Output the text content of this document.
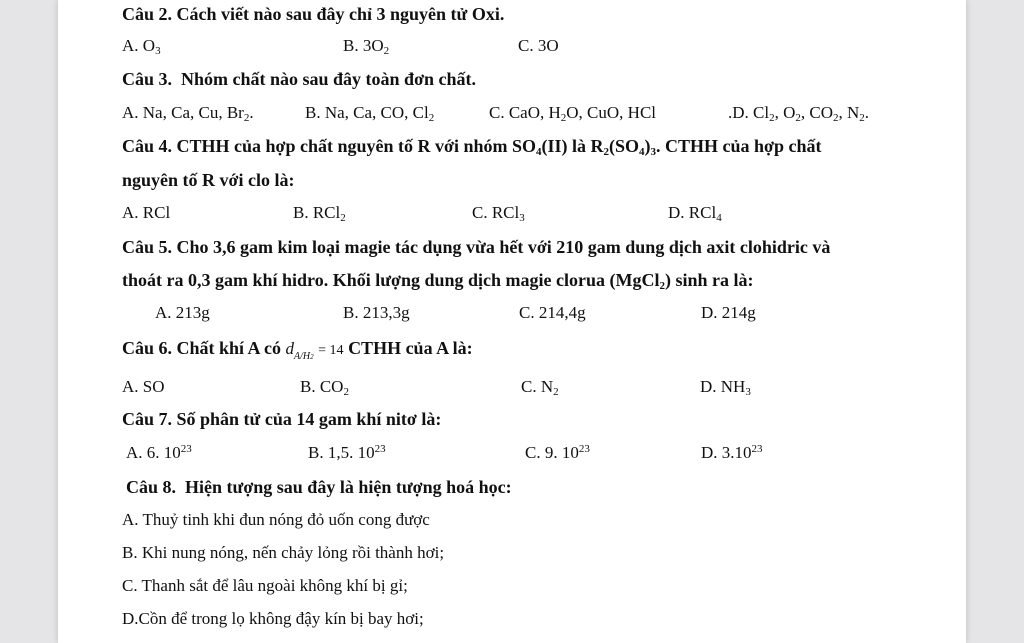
Câu 2. Cách viết nào sau đây chỉ 3 nguyên tử Oxi.
A. $O_3$	B. $3O_2$	C. 3O
Câu 3. Nhóm chất nào sau đây toàn đơn chất.
A. Na, Ca, Cu, $Br_2$.	B. Na, Ca, CO, $Cl_2$	C. CaO, $H_2O$, CuO, HCl	.D. $Cl_2$, $O_2$, $CO_2$, $N_2$.
Câu 4. CTHH của hợp chất nguyên tố R với nhóm $SO_4(II)$ là $R_2(SO_4)_3$. CTHH của hợp chất
nguyên tố R với clo là:
A. RCl	B. RCl$_2$	C. RCl$_3$	D. RCl$_4$
Câu 5. Cho 3,6 gam kim loại magie tác dụng vừa hết với 210 gam dung dịch axit clohidric và
thoát ra 0,3 gam khí hidro. Khối lượng dung dịch magie clorua (MgCl$_2$) sinh ra là:
A. 213g	B. 213,3g	C. 214,4g	D. 214g
Câu 6. Chất khí A có $d_{A/H2} = 14$ CTHH của A là:
A. SO	B. $CO_2$	C. $N_2$	D. $NH_3$
Câu 7. Số phân tử của 14 gam khí nitơ là:
A. 6. $10^{23}$	B. 1,5. $10^{23}$	C. 9. $10^{23}$	D. 3.10$^{23}$
Câu 8. Hiện tượng sau đây là hiện tượng hoá học:
A. Thuỷ tinh khi đun nóng đỏ uốn cong được
B. Khi nung nóng, nến chảy lỏng rồi thành hơi;
C. Thanh sắt để lâu ngoài không khí bị gỉ;
D.Cồn để trong lọ không đậy kín bị bay hơi;
